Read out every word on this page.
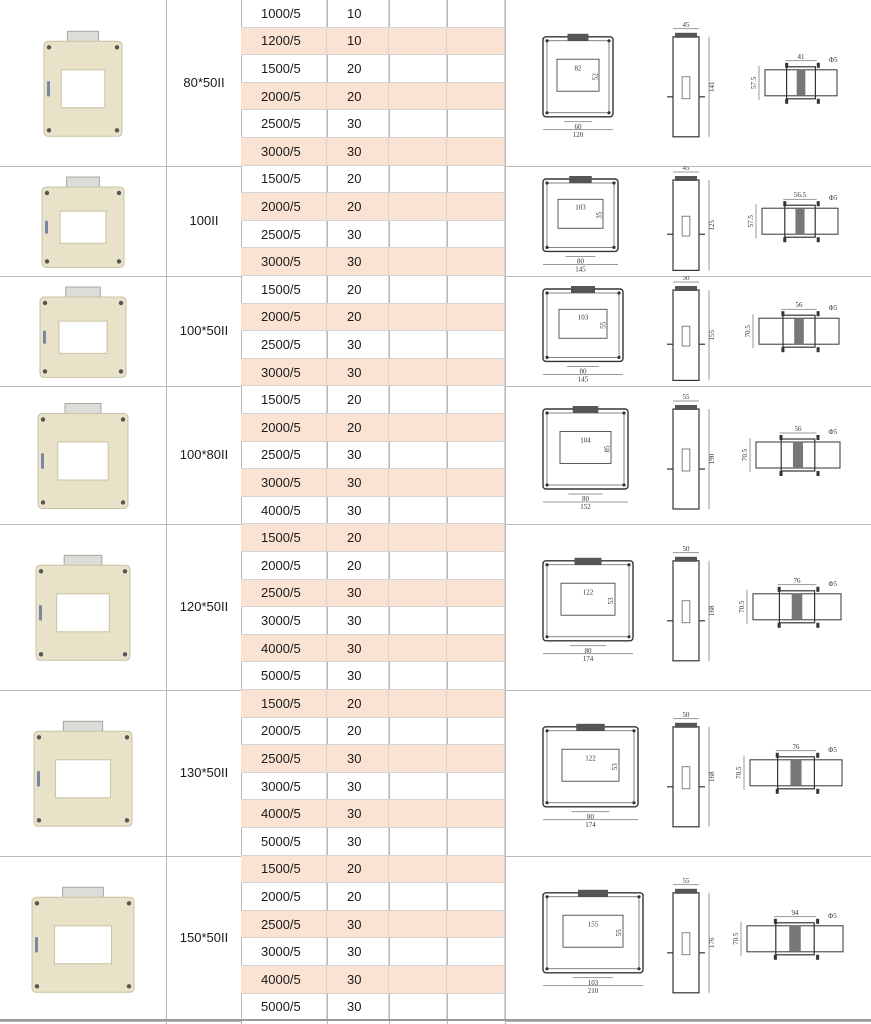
1000/5	10
1200/5	10
1500/5	20
2000/5	20
2500/5	30
3000/5	30
80*50II
82
52
60
120
45
141
41	Φ5
57.5
1500/5	20
2000/5	20
2500/5	30
3000/5	30
100II
103
35
80
145
45
125
56.5	Φ5
57.5
1500/5	20
2000/5	20
2500/5	30
3000/5	30
100*50II
103
55
80
145
50
155
56	Φ5
70.5
1500/5	20
2000/5	20
2500/5	30
3000/5	30
4000/5	30
100*80II
104
85
80
152
55
190
56	Φ5
70.5
1500/5	20
2000/5	20
2500/5	30
3000/5	30
4000/5	30
5000/5	30
120*50II
122
53
80
174
50
168
76	Φ5
70.5
1500/5	20
2000/5	20
2500/5	30
3000/5	30
4000/5	30
5000/5	30
130*50II
122
53
80
174
50
168
76	Φ5
70.5
1500/5	20
2000/5	20
2500/5	30
3000/5	30
4000/5	30
5000/5	30
150*50II
155
55
103
210
55
176
94	Φ5
70.5
